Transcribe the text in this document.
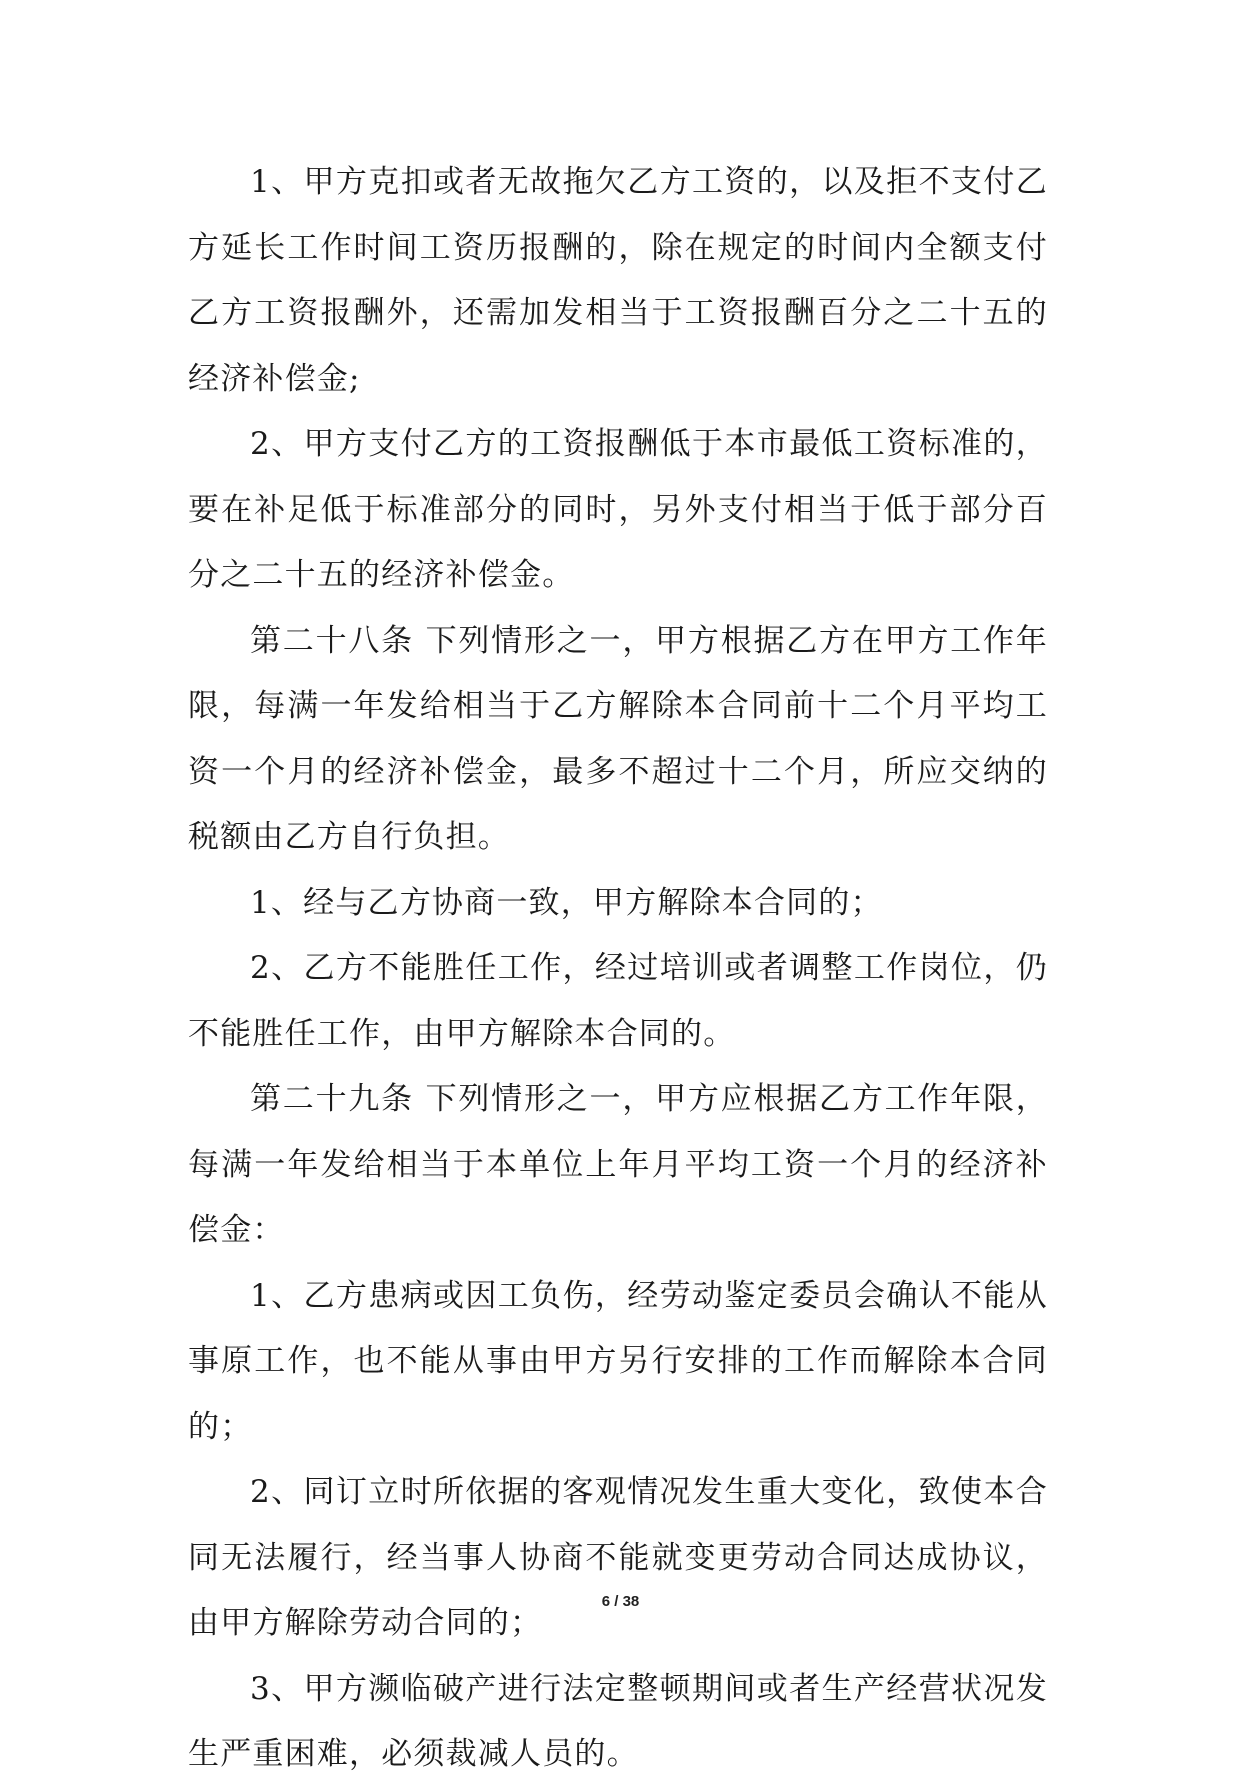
1、甲方克扣或者无故拖欠乙方工资的，以及拒不支付乙方延长工作时间工资历报酬的，除在规定的时间内全额支付乙方工资报酬外，还需加发相当于工资报酬百分之二十五的经济补偿金;

2、甲方支付乙方的工资报酬低于本市最低工资标准的，要在补足低于标准部分的同时，另外支付相当于低于部分百分之二十五的经济补偿金。

第二十八条 下列情形之一，甲方根据乙方在甲方工作年限，每满一年发给相当于乙方解除本合同前十二个月平均工资一个月的经济补偿金，最多不超过十二个月，所应交纳的税额由乙方自行负担。

1、经与乙方协商一致，甲方解除本合同的；

2、乙方不能胜任工作，经过培训或者调整工作岗位，仍不能胜任工作，由甲方解除本合同的。

第二十九条 下列情形之一，甲方应根据乙方工作年限，每满一年发给相当于本单位上年月平均工资一个月的经济补偿金：

1、乙方患病或因工负伤，经劳动鉴定委员会确认不能从事原工作，也不能从事由甲方另行安排的工作而解除本合同的；

2、同订立时所依据的客观情况发生重大变化，致使本合同无法履行，经当事人协商不能就变更劳动合同达成协议，由甲方解除劳动合同的；

3、甲方濒临破产进行法定整顿期间或者生产经营状况发生严重困难，必须裁减人员的。

6 / 38
